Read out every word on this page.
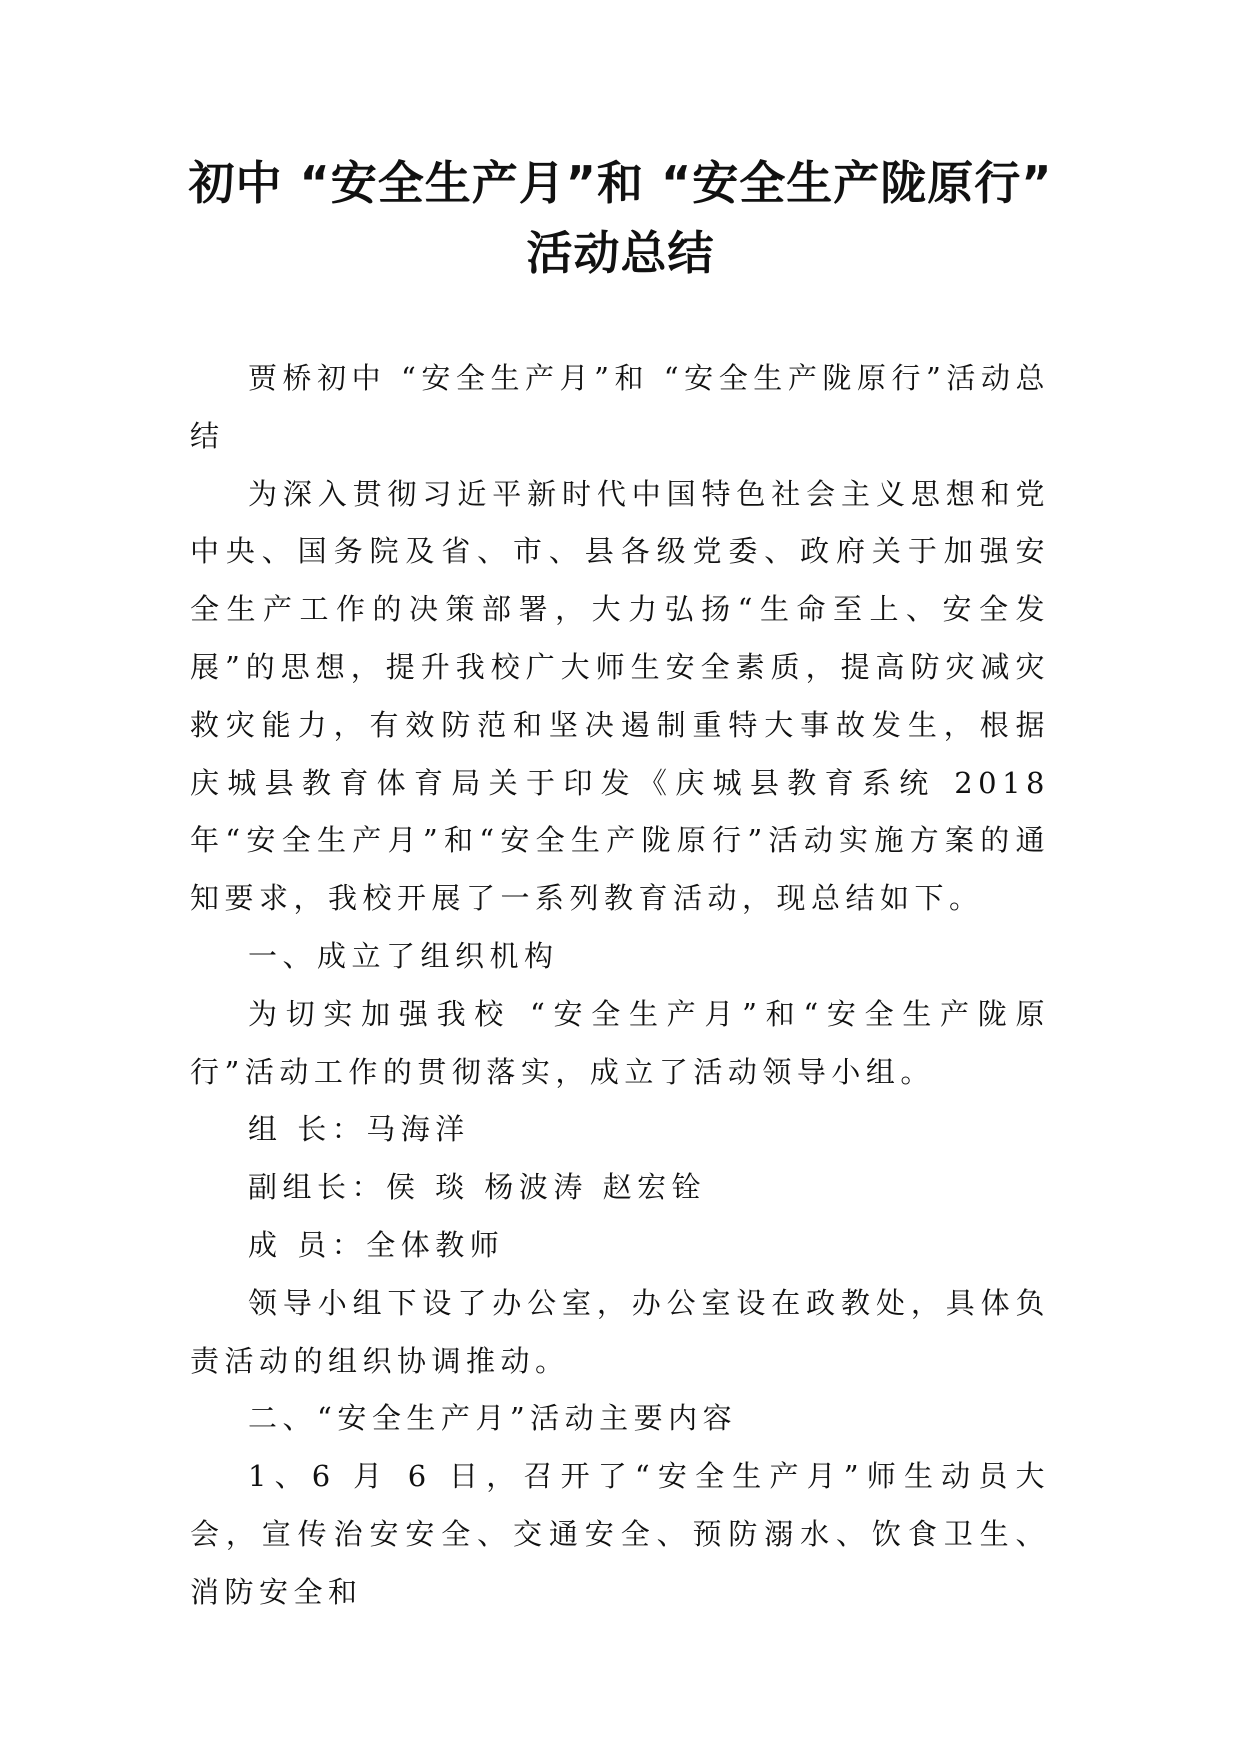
初中 “安全生产月”和 “安全生产陇原行”
活动总结

贾桥初中 “安全生产月”和 “安全生产陇原行”活动总结

为深入贯彻习近平新时代中国特色社会主义思想和党中央、国务院及省、市、县各级党委、政府关于加强安全生产工作的决策部署，大力弘扬“生命至上、安全发展”的思想，提升我校广大师生安全素质，提高防灾减灾救灾能力，有效防范和坚决遏制重特大事故发生，根据庆城县教育体育局关于印发《庆城县教育系统 2018 年“安全生产月”和“安全生产陇原行”活动实施方案的通知要求，我校开展了一系列教育活动，现总结如下。

一、成立了组织机构

为切实加强我校 “安全生产月”和“安全生产陇原行”活动工作的贯彻落实，成立了活动领导小组。

组 长：马海洋

副组长：侯 琰 杨波涛 赵宏铨

成 员：全体教师

领导小组下设了办公室，办公室设在政教处，具体负责活动的组织协调推动。

二、“安全生产月”活动主要内容

1、6 月 6 日，召开了“安全生产月”师生动员大会，宣传治安安全、交通安全、预防溺水、饮食卫生、消防安全和
